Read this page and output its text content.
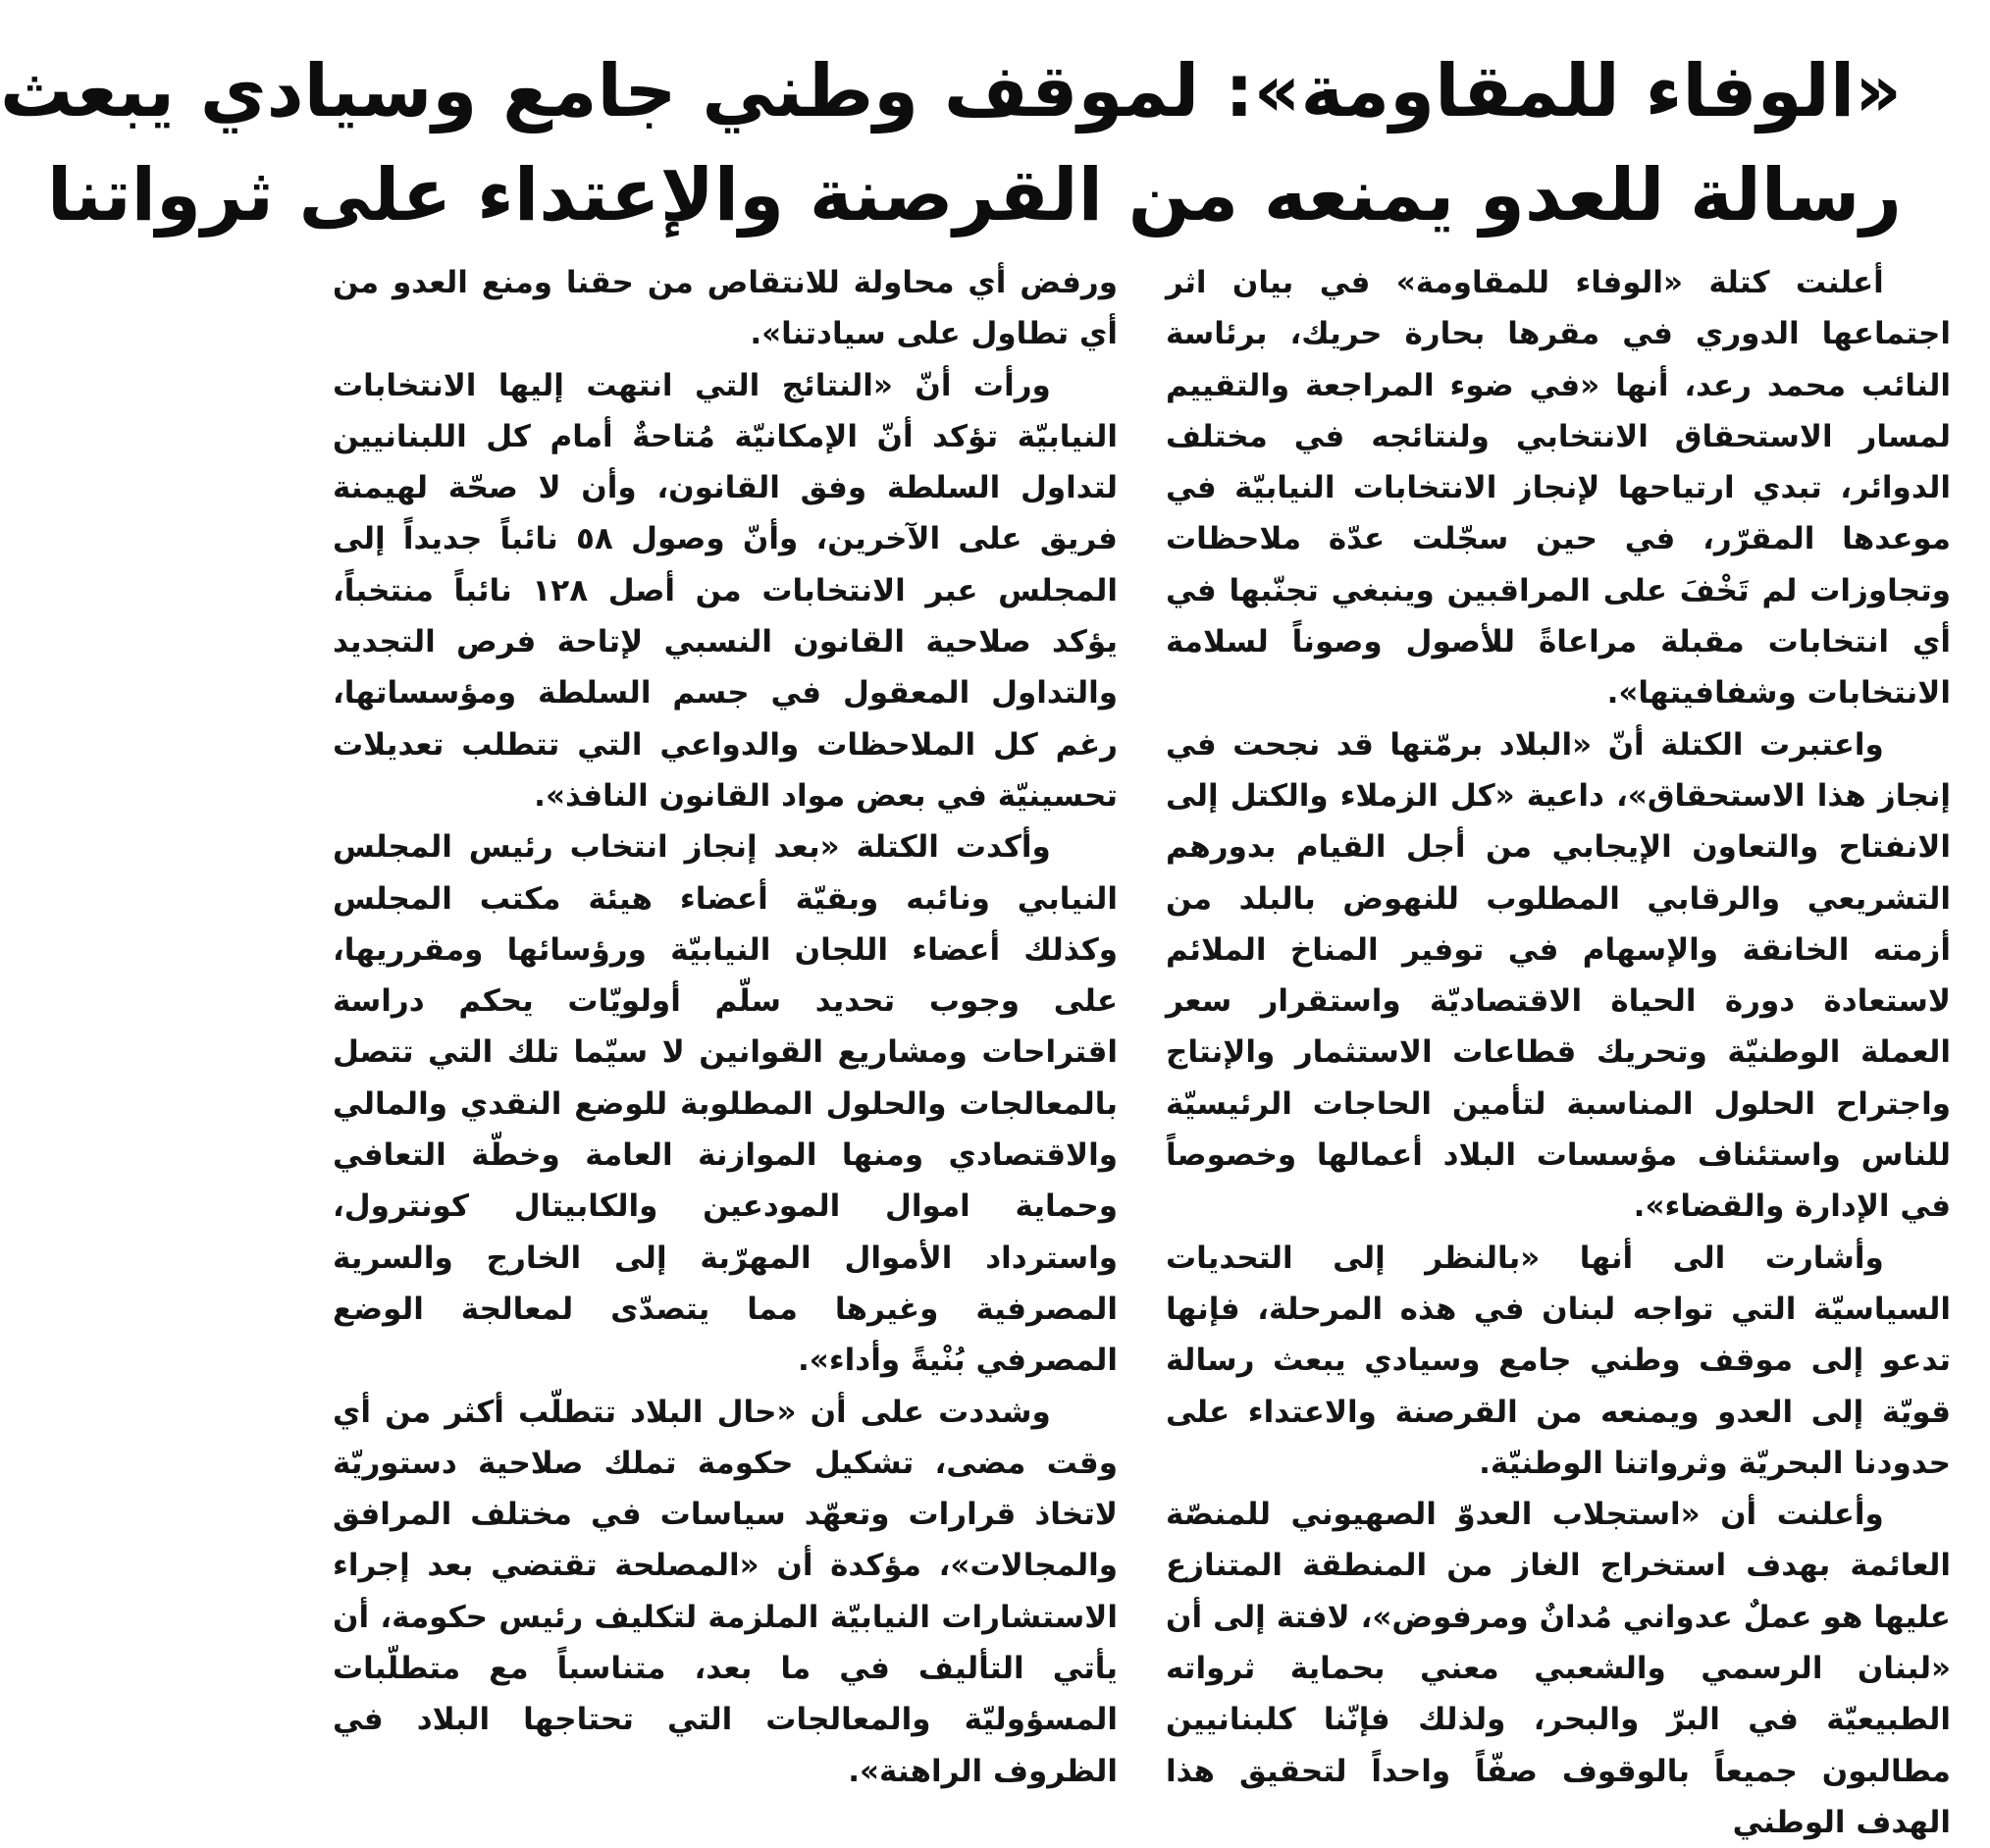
«الوفاء للمقاومة»: لموقف وطني جامع وسيادي يبعث
رسالة للعدو يمنعه من القرصنة والإعتداء على ثرواتنا

أعلنت كتلة «الوفاء للمقاومة» في بيان اثر اجتماعها الدوري في مقرها بحارة حريك، برئاسة النائب محمد رعد، أنها «في ضوء المراجعة والتقييم لمسار الاستحقاق الانتخابي ولنتائجه في مختلف الدوائر، تبدي ارتياحها لإنجاز الانتخابات النيابيّة في موعدها المقرّر، في حين سجّلت عدّة ملاحظات وتجاوزات لم تَخْفَ على المراقبين وينبغي تجنّبها في أي انتخابات مقبلة مراعاةً للأصول وصوناً لسلامة الانتخابات وشفافيتها».

واعتبرت الكتلة أنّ «البلاد برمّتها قد نجحت في إنجاز هذا الاستحقاق»، داعية «كل الزملاء والكتل إلى الانفتاح والتعاون الإيجابي من أجل القيام بدورهم التشريعي والرقابي المطلوب للنهوض بالبلد من أزمته الخانقة والإسهام في توفير المناخ الملائم لاستعادة دورة الحياة الاقتصاديّة واستقرار سعر العملة الوطنيّة وتحريك قطاعات الاستثمار والإنتاج واجتراح الحلول المناسبة لتأمين الحاجات الرئيسيّة للناس واستئناف مؤسسات البلاد أعمالها وخصوصاً في الإدارة والقضاء».

وأشارت الى أنها «بالنظر إلى التحديات السياسيّة التي تواجه لبنان في هذه المرحلة، فإنها تدعو إلى موقف وطني جامع وسيادي يبعث رسالة قويّة إلى العدو ويمنعه من القرصنة والاعتداء على حدودنا البحريّة وثرواتنا الوطنيّة.

وأعلنت أن «استجلاب العدوّ الصهيوني للمنصّة العائمة بهدف استخراج الغاز من المنطقة المتنازع عليها هو عملٌ عدواني مُدانٌ ومرفوض»، لافتة إلى أن «لبنان الرسمي والشعبي معني بحماية ثرواته الطبيعيّة في البرّ والبحر، ولذلك فإنّنا كلبنانيين مطالبون جميعاً بالوقوف صفّاً واحداً لتحقيق هذا الهدف الوطني

ورفض أي محاولة للانتقاص من حقنا ومنع العدو من أي تطاول على سيادتنا».

ورأت أنّ «النتائج التي انتهت إليها الانتخابات النيابيّة تؤكد أنّ الإمكانيّة مُتاحةٌ أمام كل اللبنانيين لتداول السلطة وفق القانون، وأن لا صحّة لهيمنة فريق على الآخرين، وأنّ وصول ٥٨ نائباً جديداً إلى المجلس عبر الانتخابات من أصل ١٢٨ نائباً منتخباً، يؤكد صلاحية القانون النسبي لإتاحة فرص التجديد والتداول المعقول في جسم السلطة ومؤسساتها، رغم كل الملاحظات والدواعي التي تتطلب تعديلات تحسينيّة في بعض مواد القانون النافذ».

وأكدت الكتلة «بعد إنجاز انتخاب رئيس المجلس النيابي ونائبه وبقيّة أعضاء هيئة مكتب المجلس وكذلك أعضاء اللجان النيابيّة ورؤسائها ومقرريها، على وجوب تحديد سلّم أولويّات يحكم دراسة اقتراحات ومشاريع القوانين لا سيّما تلك التي تتصل بالمعالجات والحلول المطلوبة للوضع النقدي والمالي والاقتصادي ومنها الموازنة العامة وخطّة التعافي وحماية اموال المودعين والكابيتال كونترول، واسترداد الأموال المهرّبة إلى الخارج والسرية المصرفية وغيرها مما يتصدّى لمعالجة الوضع المصرفي بُنْيةً وأداء».

وشددت على أن «حال البلاد تتطلّب أكثر من أي وقت مضى، تشكيل حكومة تملك صلاحية دستوريّة لاتخاذ قرارات وتعهّد سياسات في مختلف المرافق والمجالات»، مؤكدة أن «المصلحة تقتضي بعد إجراء الاستشارات النيابيّة الملزمة لتكليف رئيس حكومة، أن يأتي التأليف في ما بعد، متناسباً مع متطلّبات المسؤوليّة والمعالجات التي تحتاجها البلاد في الظروف الراهنة».
